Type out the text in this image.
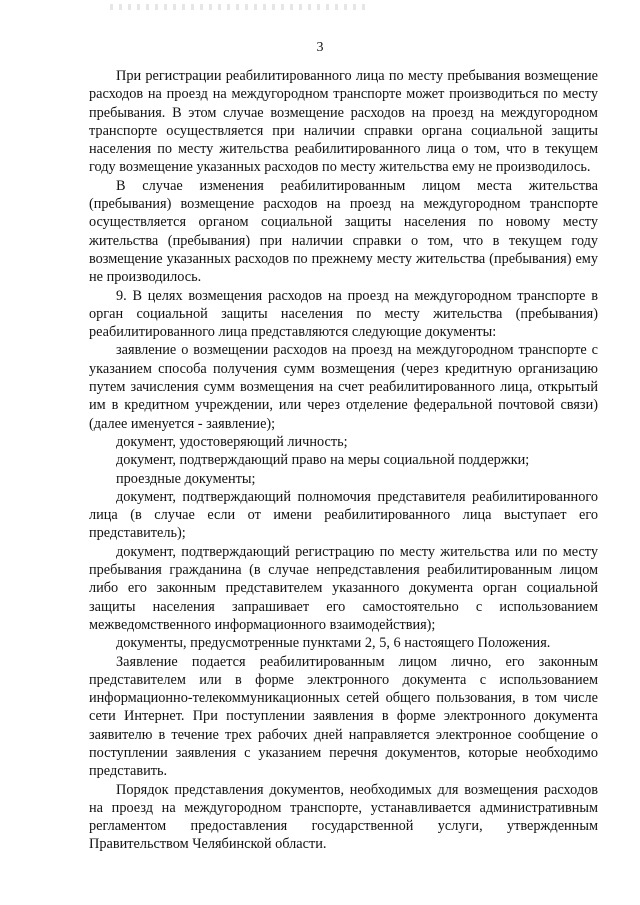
3

При регистрации реабилитированного лица по месту пребывания возмещение расходов на проезд на междугородном транспорте может производиться по месту пребывания. В этом случае возмещение расходов на проезд на междугородном транспорте осуществляется при наличии справки органа социальной защиты населения по месту жительства реабилитированного лица о том, что в текущем году возмещение указанных расходов по месту жительства ему не производилось.

В случае изменения реабилитированным лицом места жительства (пребывания) возмещение расходов на проезд на междугородном транспорте осуществляется органом социальной защиты населения по новому месту жительства (пребывания) при наличии справки о том, что в текущем году возмещение указанных расходов по прежнему месту жительства (пребывания) ему не производилось.

9. В целях возмещения расходов на проезд на междугородном транспорте в орган социальной защиты населения по месту жительства (пребывания) реабилитированного лица представляются следующие документы:

заявление о возмещении расходов на проезд на междугородном транспорте с указанием способа получения сумм возмещения (через кредитную организацию путем зачисления сумм возмещения на счет реабилитированного лица, открытый им в кредитном учреждении, или через отделение федеральной почтовой связи) (далее именуется - заявление);

документ, удостоверяющий личность;

документ, подтверждающий право на меры социальной поддержки;

проездные документы;

документ, подтверждающий полномочия представителя реабилитированного лица (в случае если от имени реабилитированного лица выступает его представитель);

документ, подтверждающий регистрацию по месту жительства или по месту пребывания гражданина (в случае непредставления реабилитированным лицом либо его законным представителем указанного документа орган социальной защиты населения запрашивает его самостоятельно с использованием межведомственного информационного взаимодействия);

документы, предусмотренные пунктами 2, 5, 6 настоящего Положения.

Заявление подается реабилитированным лицом лично, его законным представителем или в форме электронного документа с использованием информационно-телекоммуникационных сетей общего пользования, в том числе сети Интернет. При поступлении заявления в форме электронного документа заявителю в течение трех рабочих дней направляется электронное сообщение о поступлении заявления с указанием перечня документов, которые необходимо представить.

Порядок представления документов, необходимых для возмещения расходов на проезд на междугородном транспорте, устанавливается административным регламентом предоставления государственной услуги, утвержденным Правительством Челябинской области.
